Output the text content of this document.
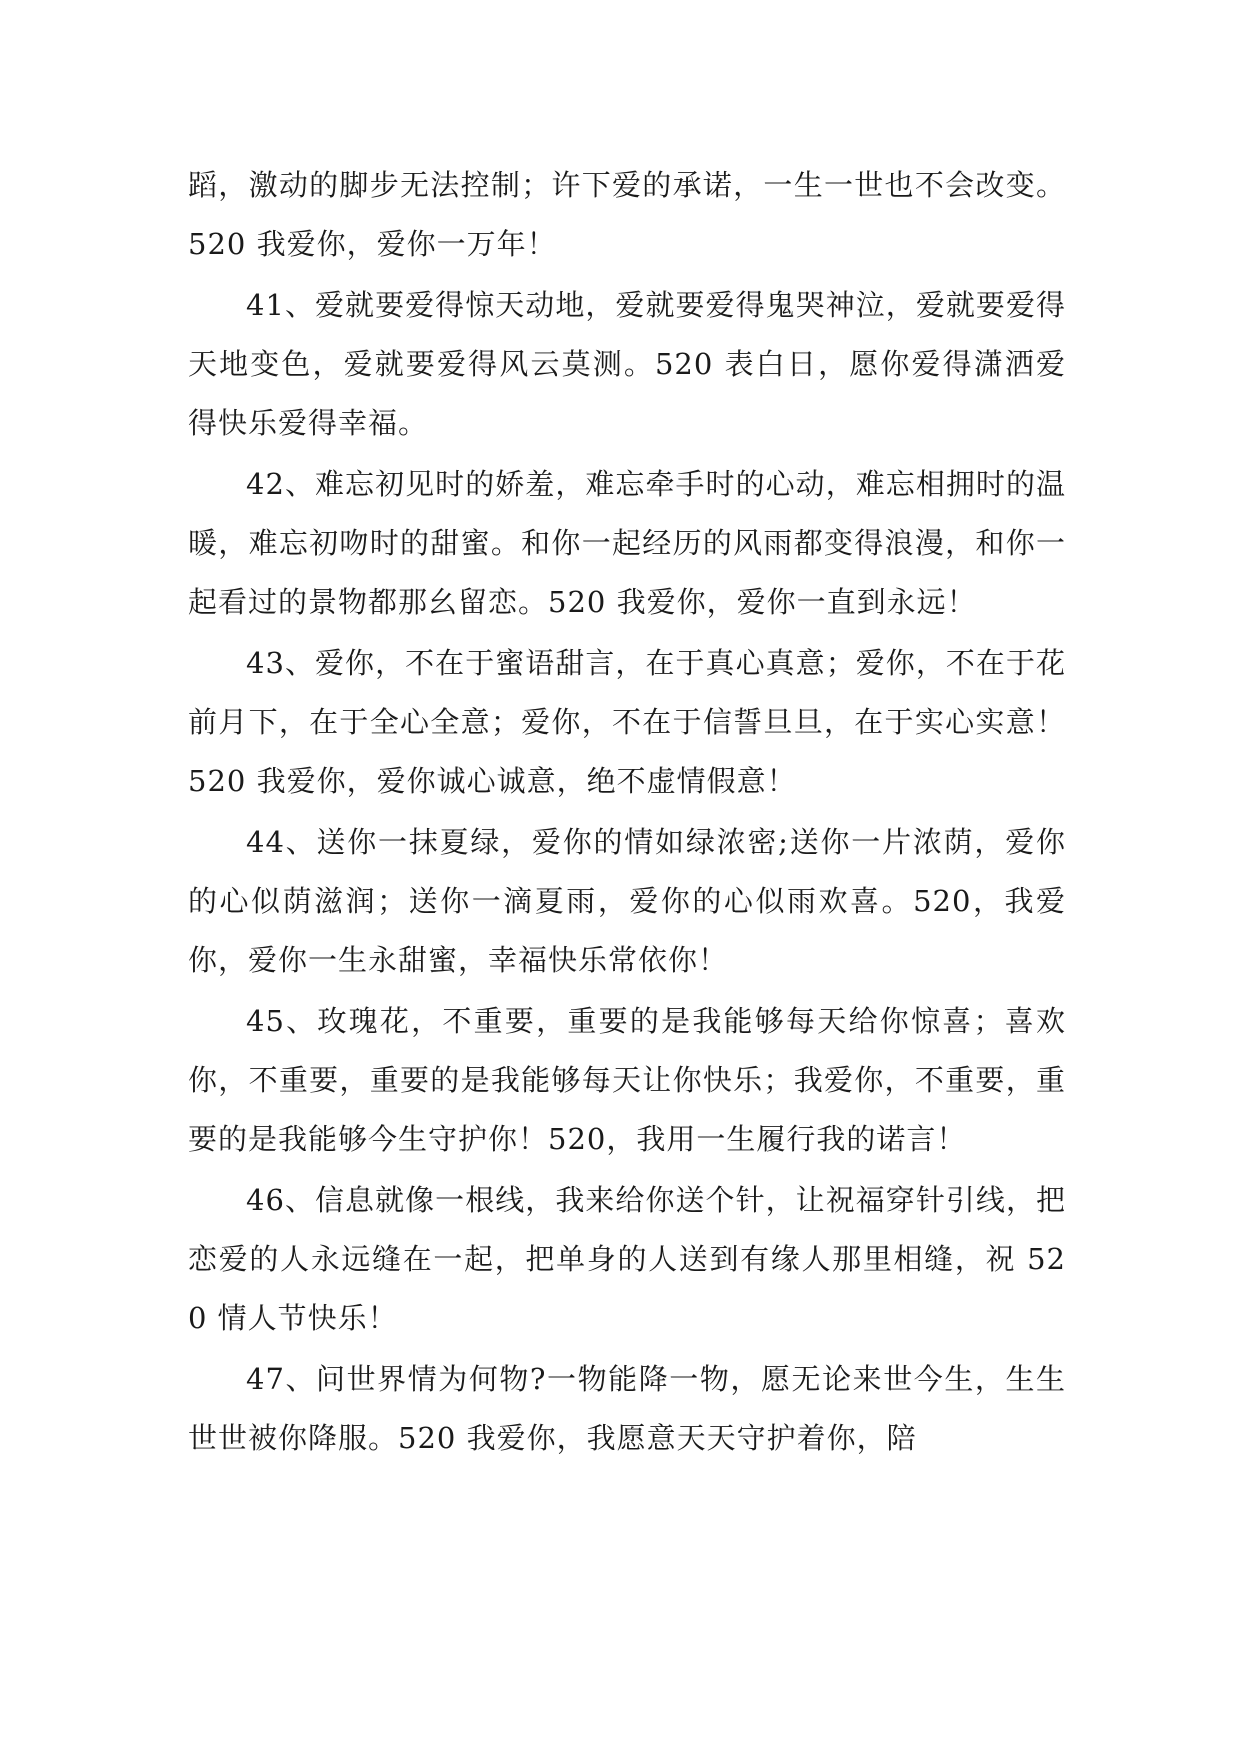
蹈，激动的脚步无法控制；许下爱的承诺，一生一世也不会改变。520 我爱你，爱你一万年！

41、爱就要爱得惊天动地，爱就要爱得鬼哭神泣，爱就要爱得天地变色，爱就要爱得风云莫测。520 表白日，愿你爱得潇洒爱得快乐爱得幸福。

42、难忘初见时的娇羞，难忘牵手时的心动，难忘相拥时的温暖，难忘初吻时的甜蜜。和你一起经历的风雨都变得浪漫，和你一起看过的景物都那幺留恋。520 我爱你，爱你一直到永远！

43、爱你，不在于蜜语甜言，在于真心真意；爱你，不在于花前月下，在于全心全意；爱你，不在于信誓旦旦，在于实心实意！520 我爱你，爱你诚心诚意，绝不虚情假意！

44、送你一抹夏绿，爱你的情如绿浓密;送你一片浓荫，爱你的心似荫滋润；送你一滴夏雨，爱你的心似雨欢喜。520，我爱你，爱你一生永甜蜜，幸福快乐常依你！

45、玫瑰花，不重要，重要的是我能够每天给你惊喜；喜欢你，不重要，重要的是我能够每天让你快乐；我爱你，不重要，重要的是我能够今生守护你！520，我用一生履行我的诺言！

46、信息就像一根线，我来给你送个针，让祝福穿针引线，把恋爱的人永远缝在一起，把单身的人送到有缘人那里相缝，祝 520 情人节快乐！

47、问世界情为何物?一物能降一物，愿无论来世今生，生生世世被你降服。520 我爱你，我愿意天天守护着你，陪
